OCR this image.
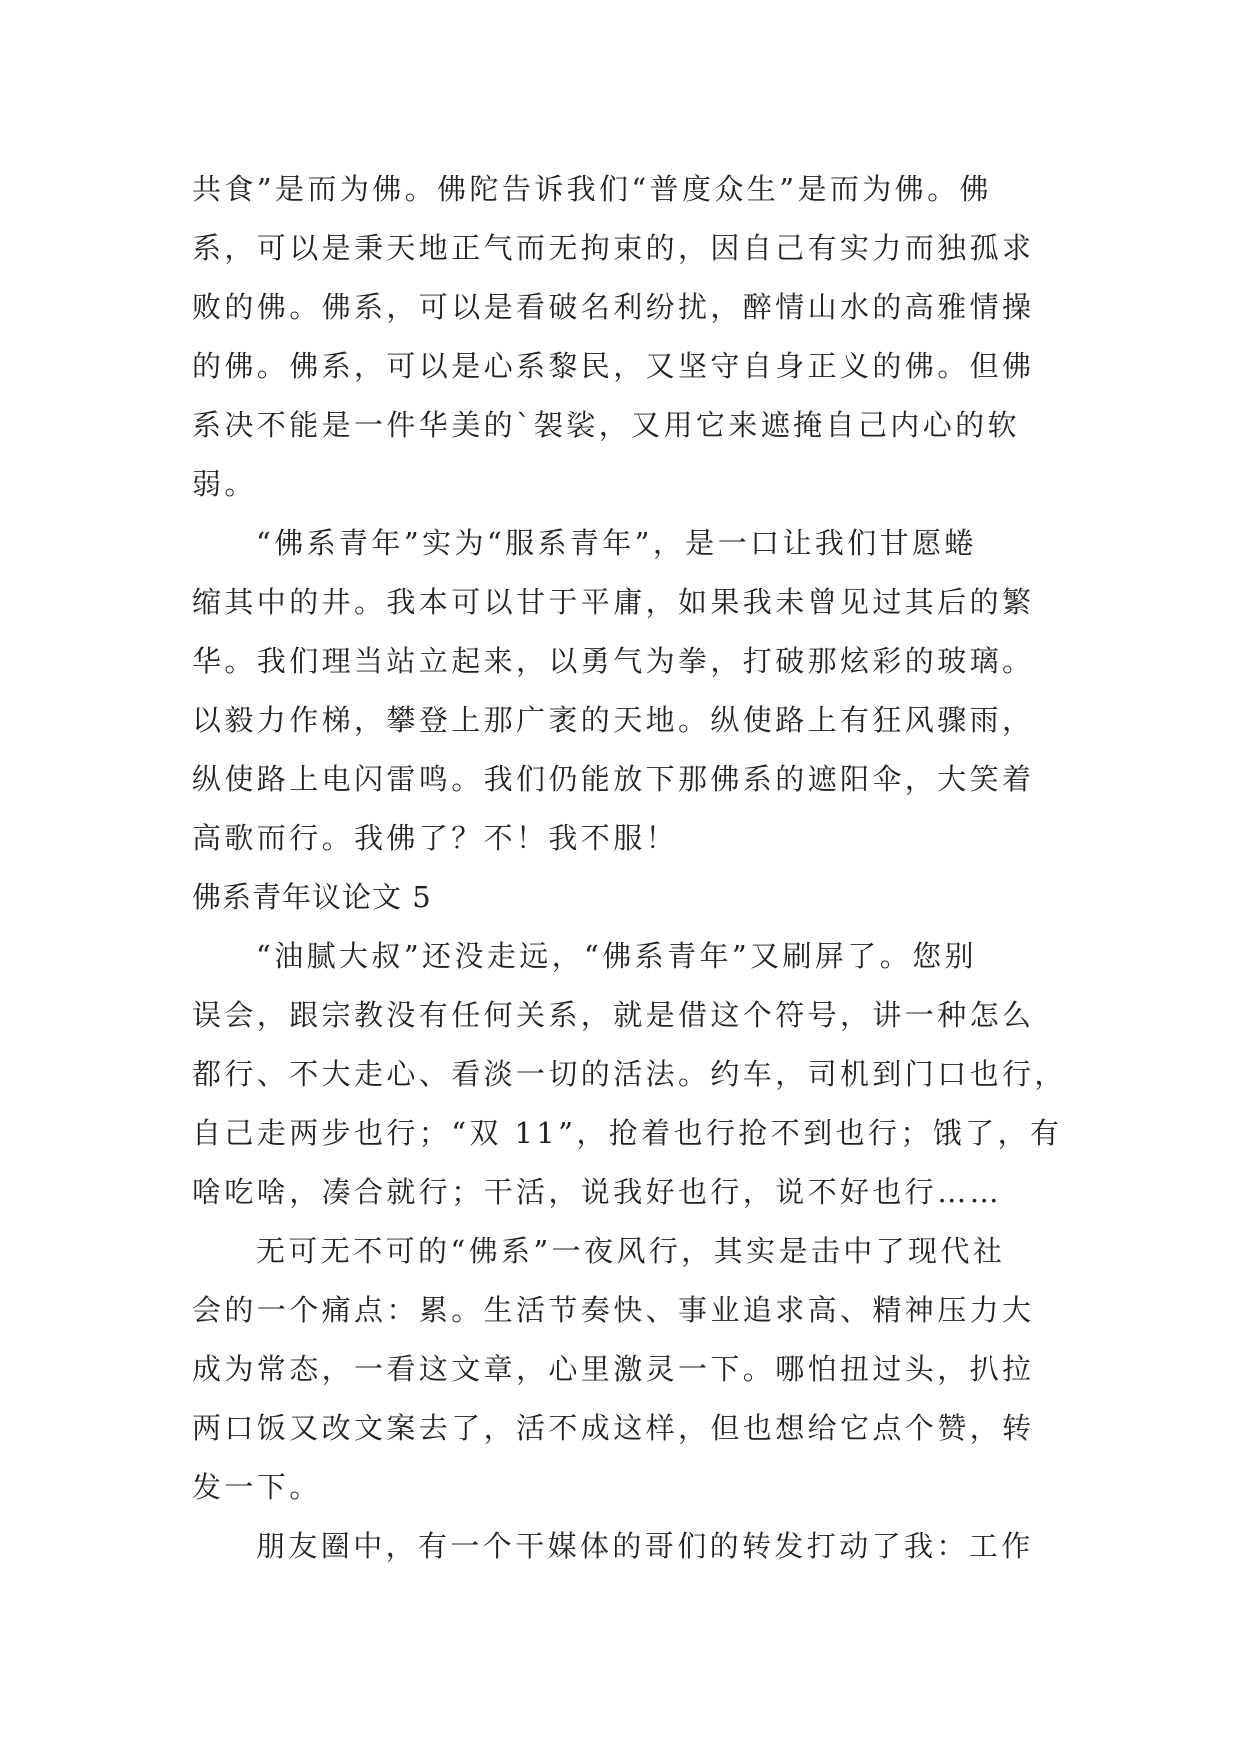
共食”是而为佛。佛陀告诉我们“普度众生”是而为佛。佛
系，可以是秉天地正气而无拘束的，因自己有实力而独孤求
败的佛。佛系，可以是看破名利纷扰，醉情山水的高雅情操
的佛。佛系，可以是心系黎民，又坚守自身正义的佛。但佛
系决不能是一件华美的`袈裟，又用它来遮掩自己内心的软
弱。
“佛系青年”实为“服系青年”，是一口让我们甘愿蜷
缩其中的井。我本可以甘于平庸，如果我未曾见过其后的繁
华。我们理当站立起来，以勇气为拳，打破那炫彩的玻璃。
以毅力作梯，攀登上那广袤的天地。纵使路上有狂风骤雨，
纵使路上电闪雷鸣。我们仍能放下那佛系的遮阳伞，大笑着
高歌而行。我佛了？不！我不服！
佛系青年议论文 5
“油腻大叔”还没走远，“佛系青年”又刷屏了。您别
误会，跟宗教没有任何关系，就是借这个符号，讲一种怎么
都行、不大走心、看淡一切的活法。约车，司机到门口也行，
自己走两步也行；“双 11”，抢着也行抢不到也行；饿了，有
啥吃啥，凑合就行；干活，说我好也行，说不好也行……
无可无不可的“佛系”一夜风行，其实是击中了现代社
会的一个痛点：累。生活节奏快、事业追求高、精神压力大
成为常态，一看这文章，心里激灵一下。哪怕扭过头，扒拉
两口饭又改文案去了，活不成这样，但也想给它点个赞，转
发一下。
朋友圈中，有一个干媒体的哥们的转发打动了我：工作
